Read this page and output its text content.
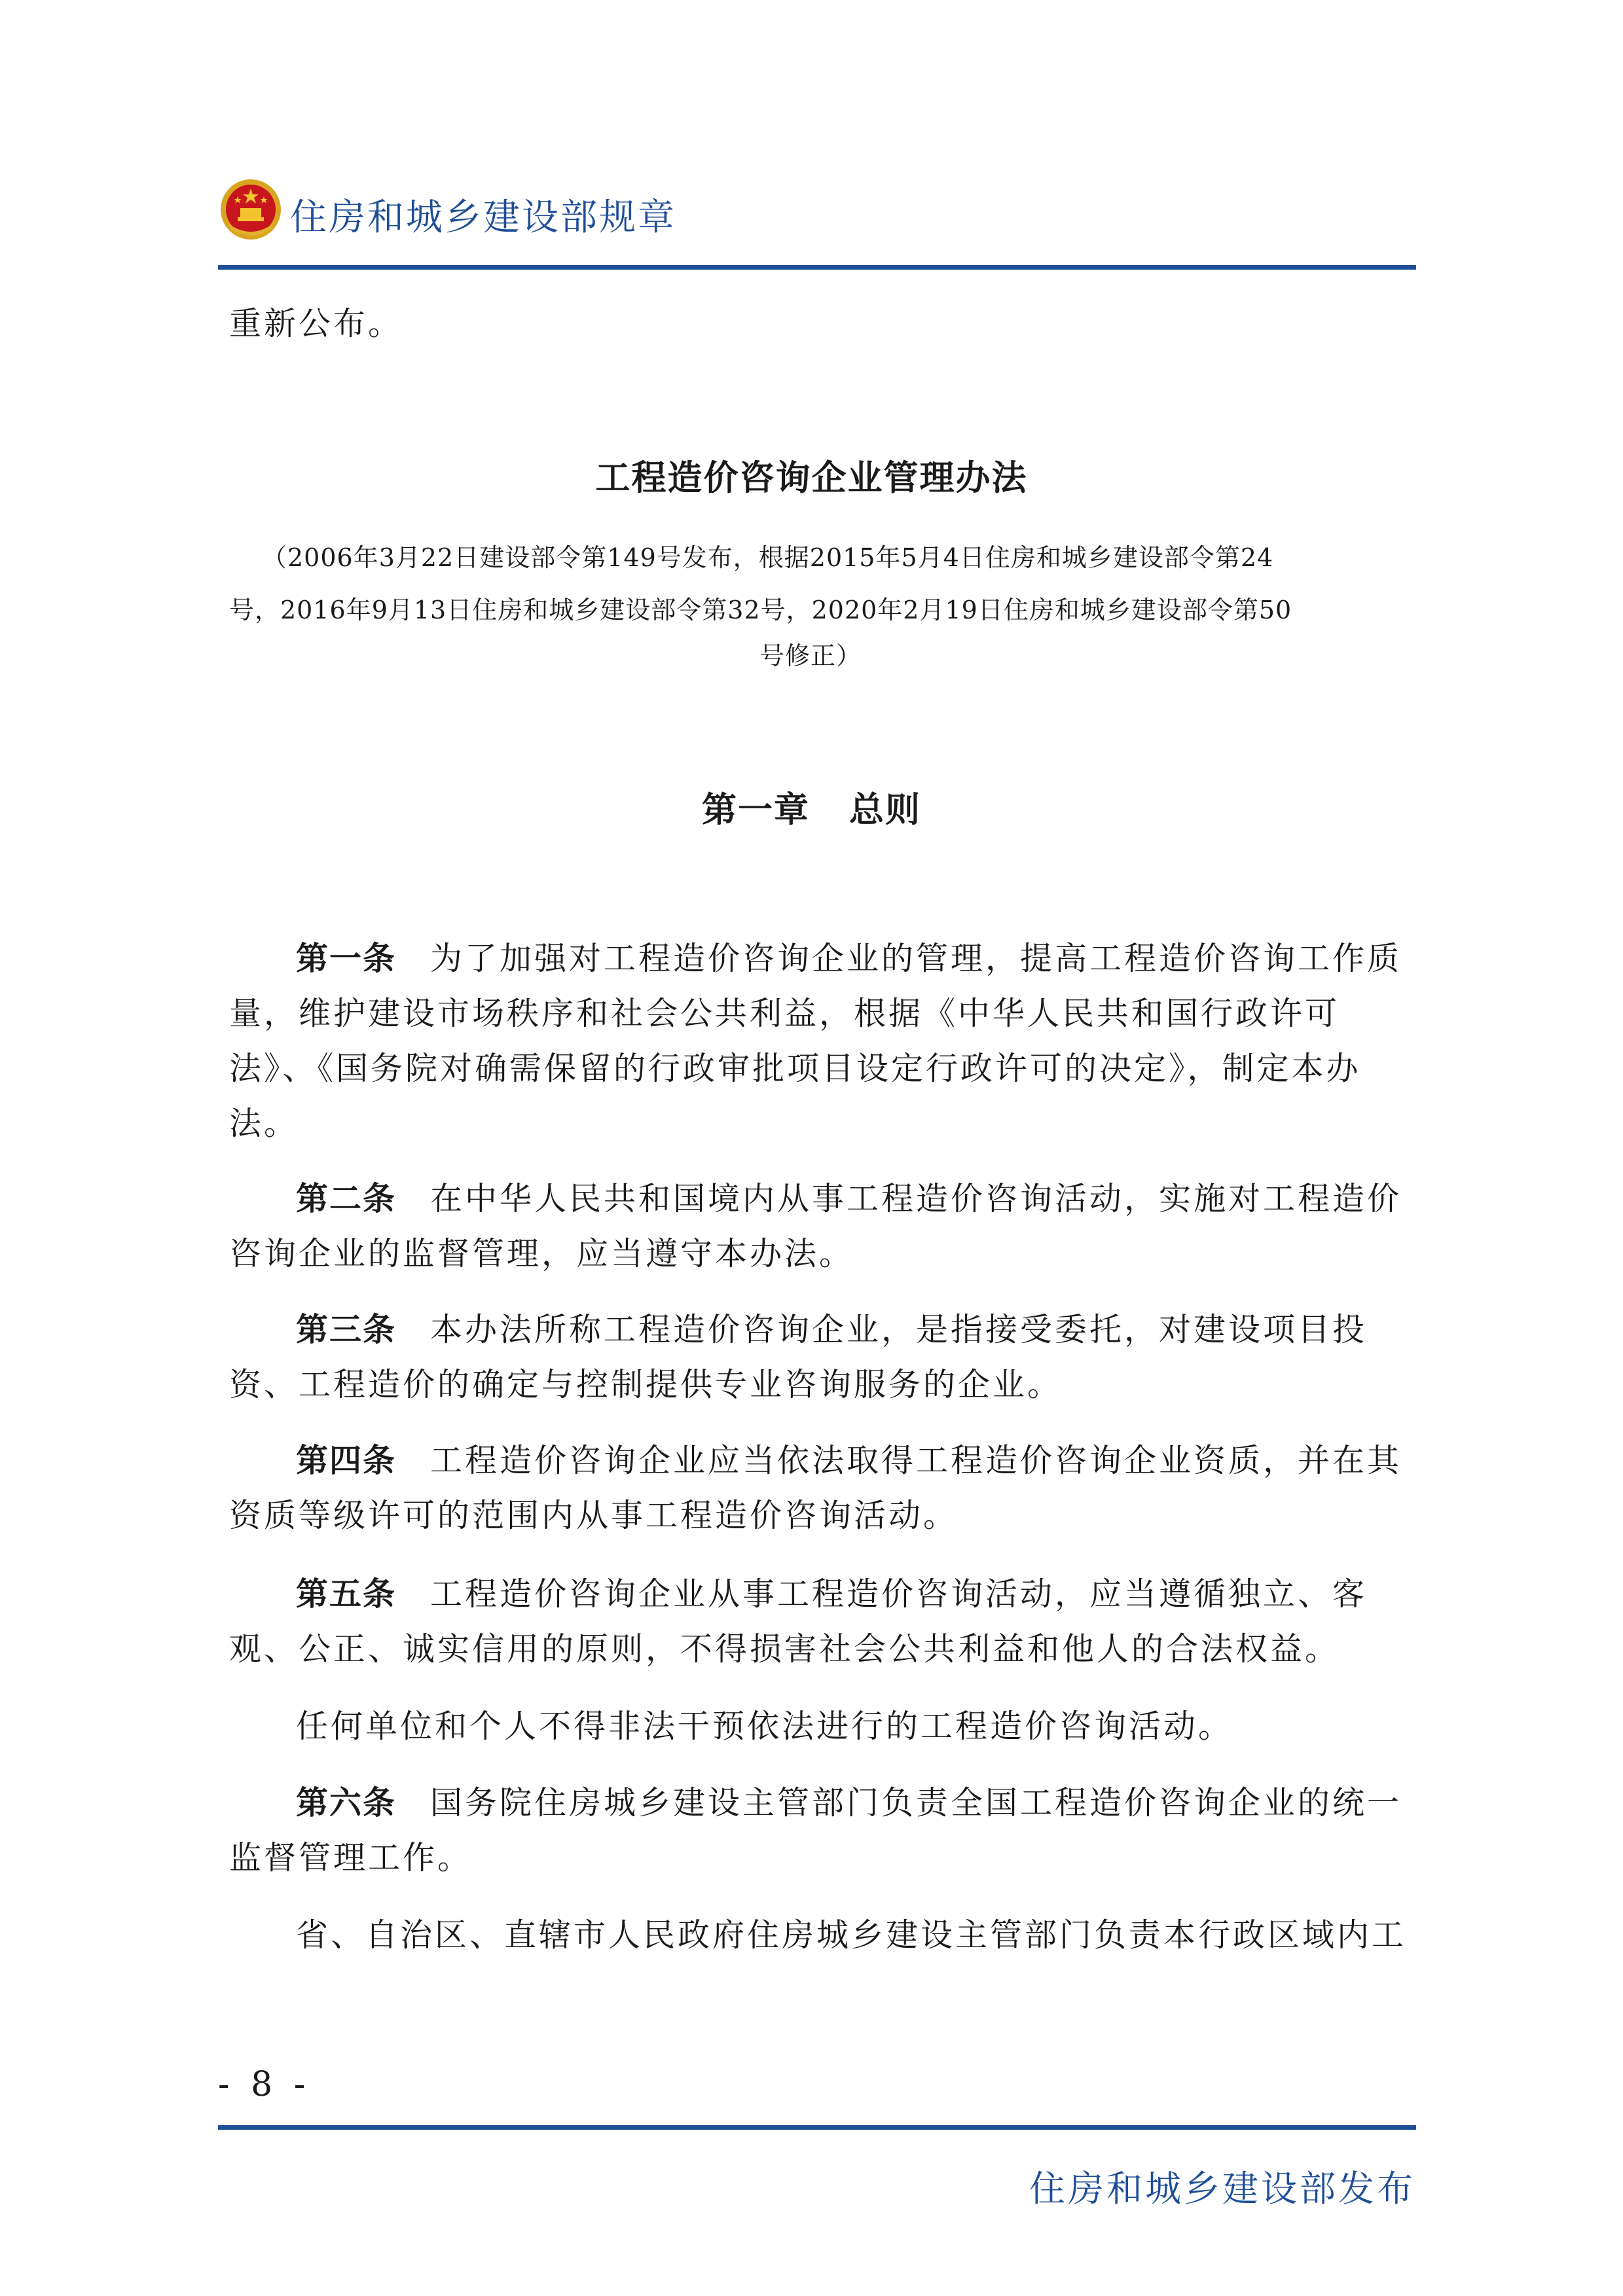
住房和城乡建设部规章
重新公布。
工程造价咨询企业管理办法
（2006年3月22日建设部令第149号发布，根据2015年5月4日住房和城乡建设部令第24
号，2016年9月13日住房和城乡建设部令第32号，2020年2月19日住房和城乡建设部令第50
号修正）
第一章 总则
第一条 为了加强对工程造价咨询企业的管理，提高工程造价咨询工作质
量，维护建设市场秩序和社会公共利益，根据《中华人民共和国行政许可
法》、《国务院对确需保留的行政审批项目设定行政许可的决定》，制定本办
法。
第二条 在中华人民共和国境内从事工程造价咨询活动，实施对工程造价
咨询企业的监督管理，应当遵守本办法。
第三条 本办法所称工程造价咨询企业，是指接受委托，对建设项目投
资、工程造价的确定与控制提供专业咨询服务的企业。
第四条 工程造价咨询企业应当依法取得工程造价咨询企业资质，并在其
资质等级许可的范围内从事工程造价咨询活动。
第五条 工程造价咨询企业从事工程造价咨询活动，应当遵循独立、客
观、公正、诚实信用的原则，不得损害社会公共利益和他人的合法权益。
任何单位和个人不得非法干预依法进行的工程造价咨询活动。
第六条 国务院住房城乡建设主管部门负责全国工程造价咨询企业的统一
监督管理工作。
省、自治区、直辖市人民政府住房城乡建设主管部门负责本行政区域内工
- 8 -
住房和城乡建设部发布
